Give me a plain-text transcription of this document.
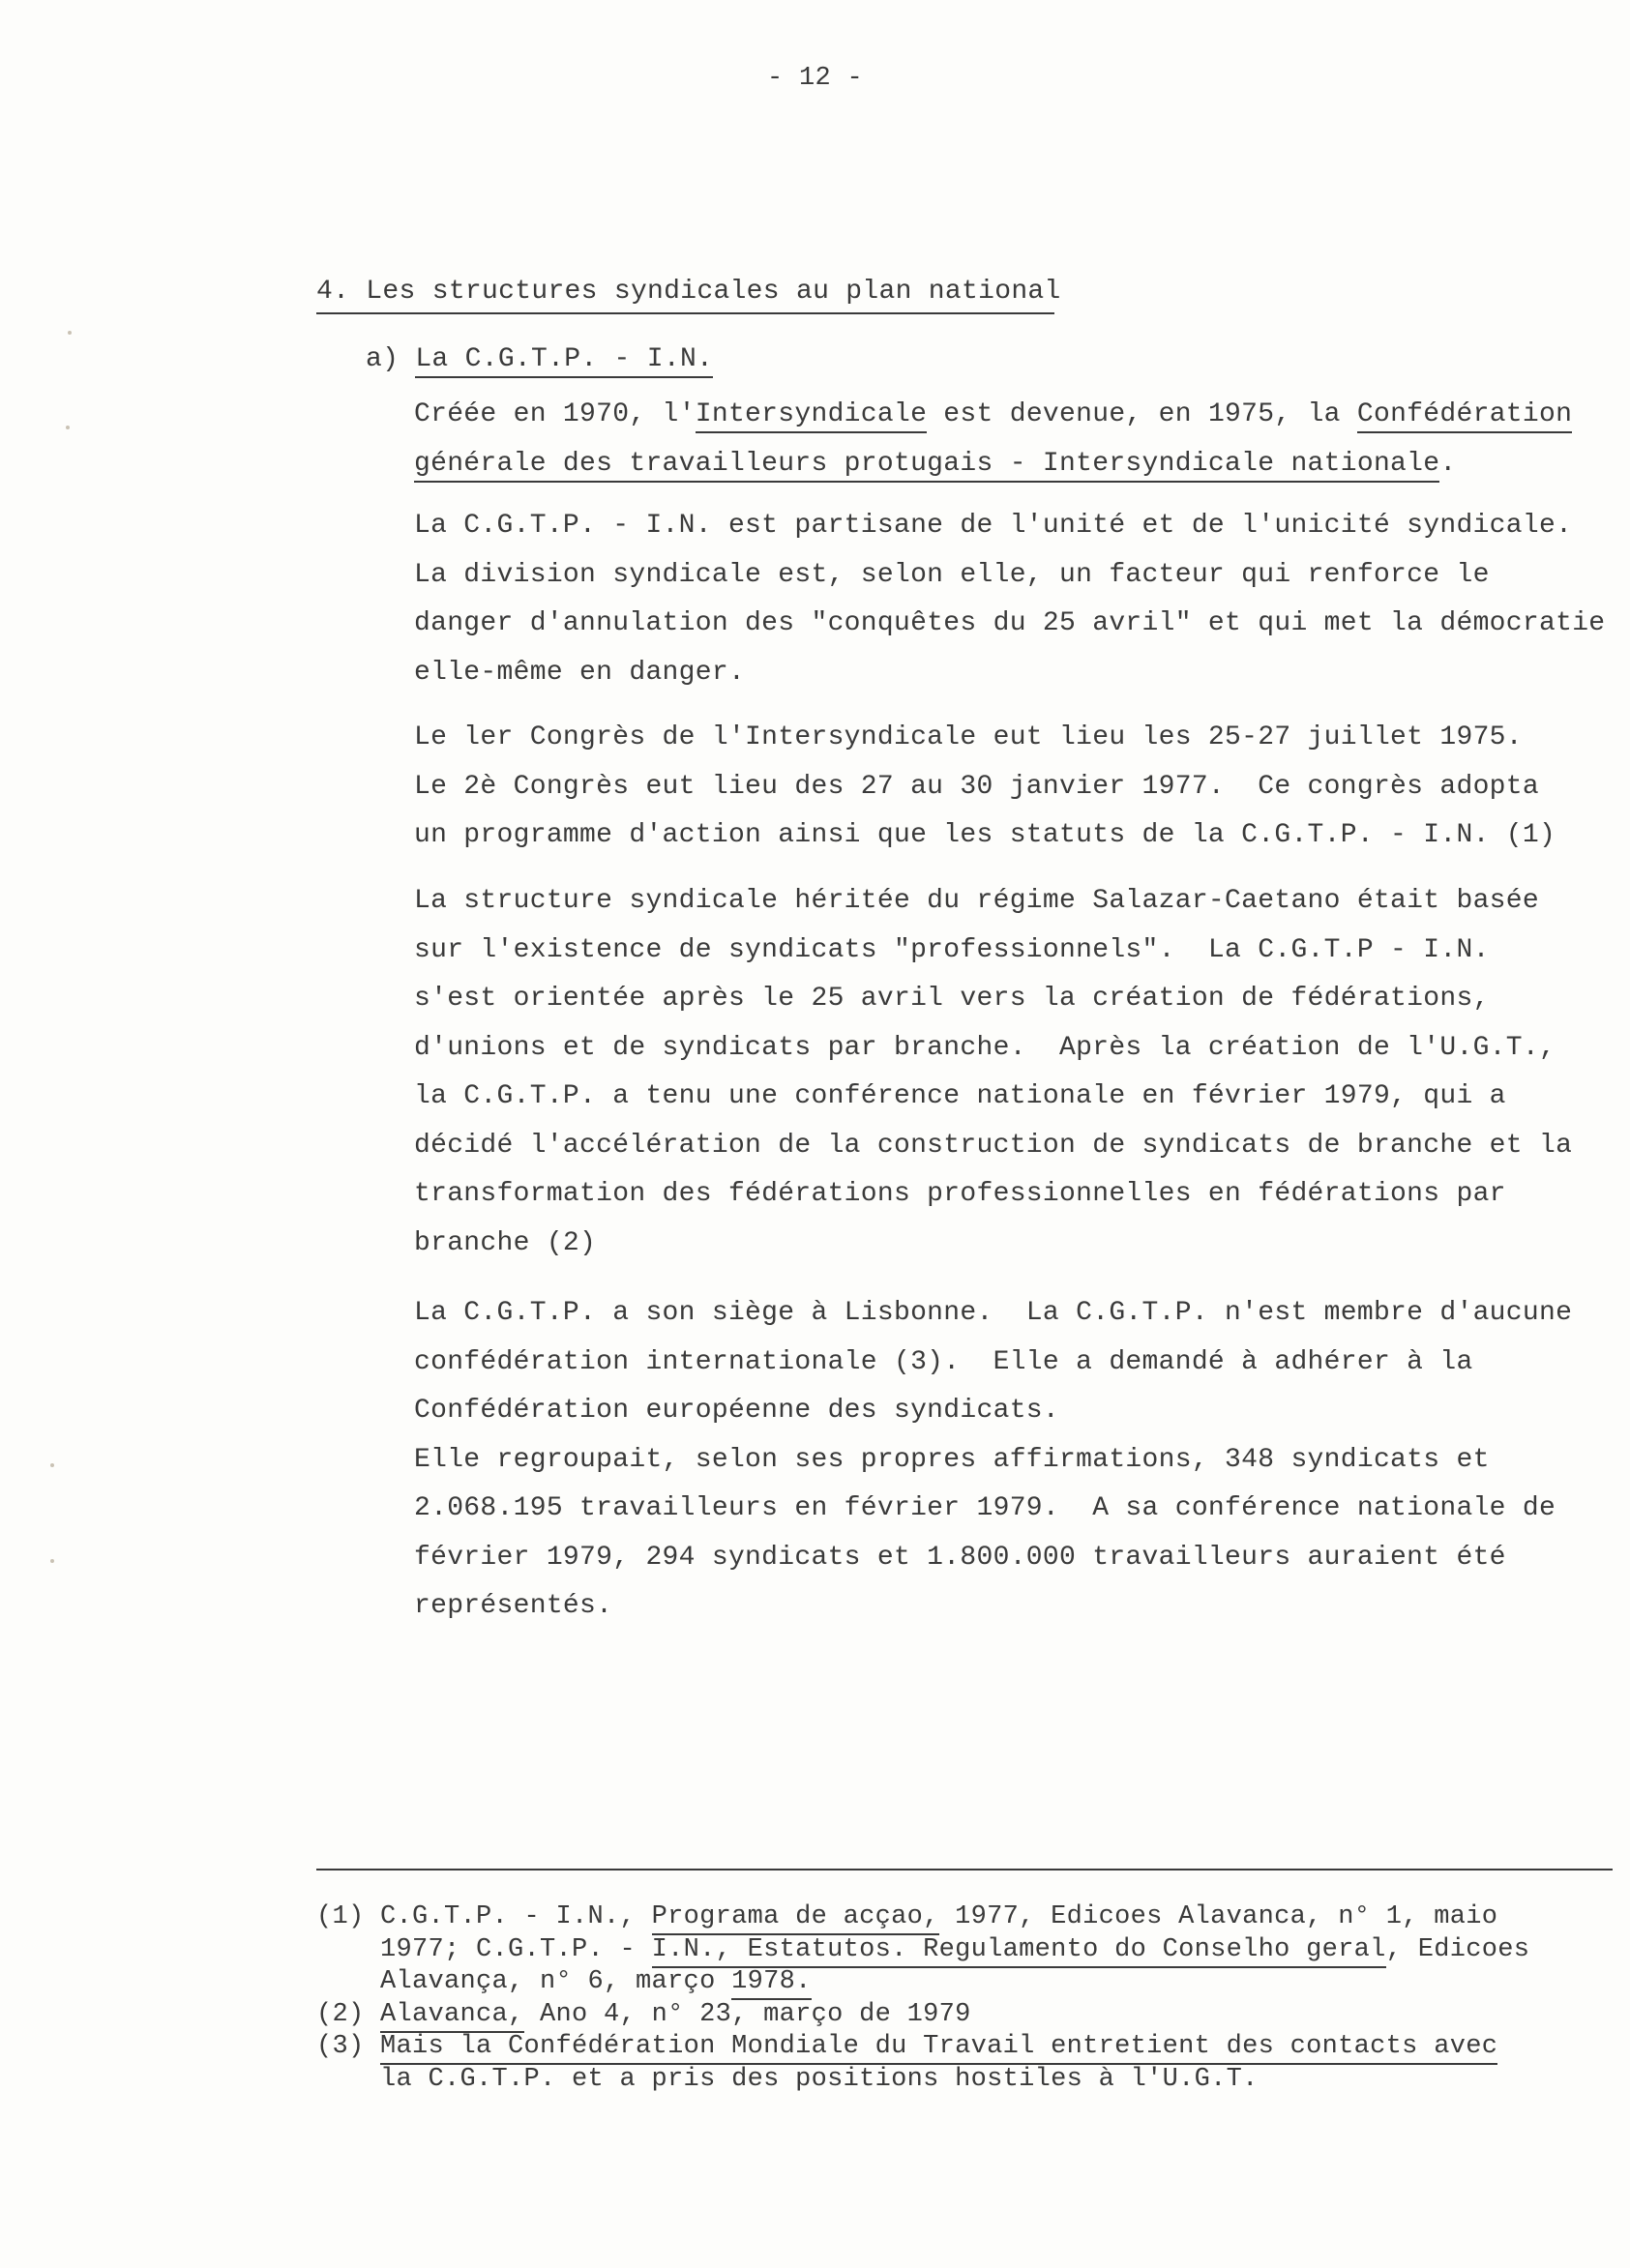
- 12 -
4. Les structures syndicales au plan national
a) La C.G.T.P. - I.N.

Créée en 1970, l'Intersyndicale est devenue, en 1975, la Confédération

générale des travailleurs protugais - Intersyndicale nationale.

La C.G.T.P. - I.N. est partisane de l'unité et de l'unicité syndicale.

La division syndicale est, selon elle, un facteur qui renforce le

danger d'annulation des "conquêtes du 25 avril" et qui met la démocratie

elle-même en danger.

Le ler Congrès de l'Intersyndicale eut lieu les 25-27 juillet 1975.

Le 2è Congrès eut lieu des 27 au 30 janvier 1977.  Ce congrès adopta

un programme d'action ainsi que les statuts de la C.G.T.P. - I.N. (1)

La structure syndicale héritée du régime Salazar-Caetano était basée

sur l'existence de syndicats "professionnels".  La C.G.T.P - I.N.

s'est orientée après le 25 avril vers la création de fédérations,

d'unions et de syndicats par branche.  Après la création de l'U.G.T.,

la C.G.T.P. a tenu une conférence nationale en février 1979, qui a

décidé l'accélération de la construction de syndicats de branche et la

transformation des fédérations professionnelles en fédérations par

branche (2)

La C.G.T.P. a son siège à Lisbonne.  La C.G.T.P. n'est membre d'aucune

confédération internationale (3).  Elle a demandé à adhérer à la

Confédération européenne des syndicats.

Elle regroupait, selon ses propres affirmations, 348 syndicats et

2.068.195 travailleurs en février 1979.  A sa conférence nationale de

février 1979, 294 syndicats et 1.800.000 travailleurs auraient été

représentés.

(1) C.G.T.P. - I.N., Programa de acçao, 1977, Edicoes Alavanca, n° 1, maio

1977; C.G.T.P. - I.N., Estatutos. Regulamento do Conselho geral, Edicoes

Alavança, n° 6, março 1978.

(2) Alavanca, Ano 4, n° 23, março de 1979

(3) Mais la Confédération Mondiale du Travail entretient des contacts avec

la C.G.T.P. et a pris des positions hostiles à l'U.G.T.
